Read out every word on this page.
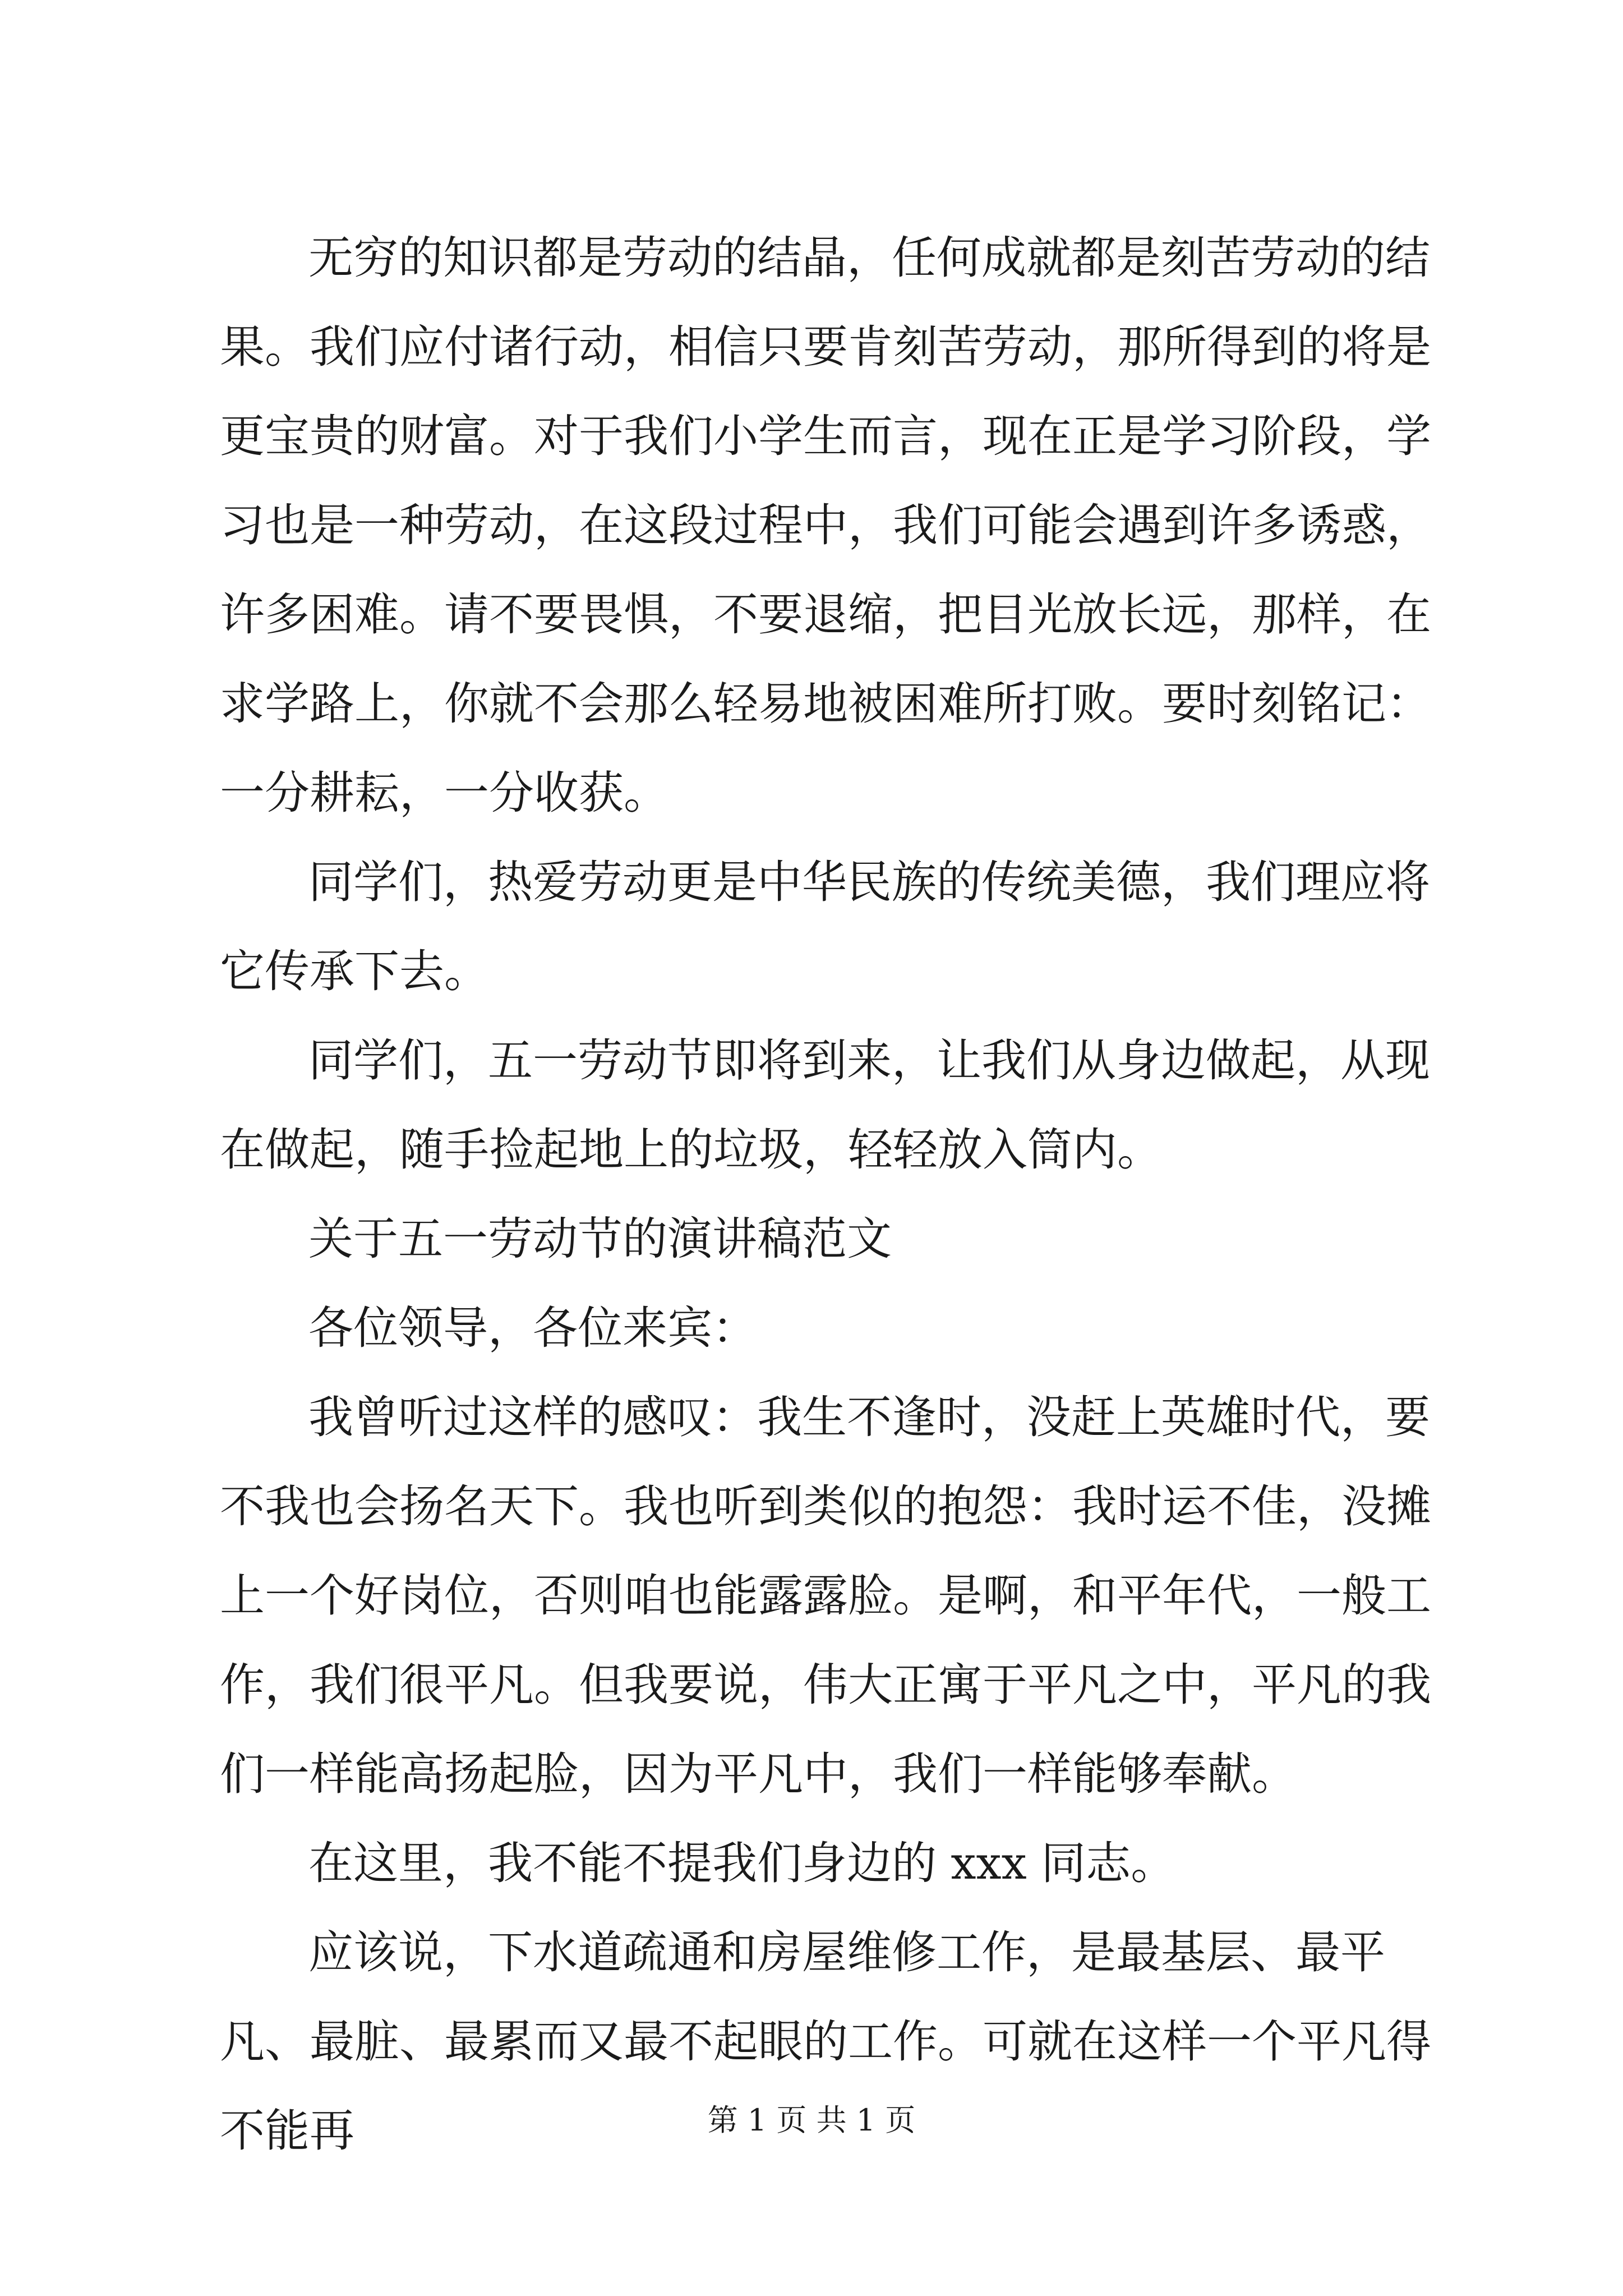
无穷的知识都是劳动的结晶，任何成就都是刻苦劳动的结果。我们应付诸行动，相信只要肯刻苦劳动，那所得到的将是更宝贵的财富。对于我们小学生而言，现在正是学习阶段，学习也是一种劳动，在这段过程中，我们可能会遇到许多诱惑，许多困难。请不要畏惧，不要退缩，把目光放长远，那样，在求学路上，你就不会那么轻易地被困难所打败。要时刻铭记：一分耕耘，一分收获。

同学们，热爱劳动更是中华民族的传统美德，我们理应将它传承下去。

同学们，五一劳动节即将到来，让我们从身边做起，从现在做起，随手捡起地上的垃圾，轻轻放入筒内。

关于五一劳动节的演讲稿范文

各位领导，各位来宾：

我曾听过这样的感叹：我生不逢时，没赶上英雄时代，要不我也会扬名天下。我也听到类似的抱怨：我时运不佳，没摊上一个好岗位，否则咱也能露露脸。是啊，和平年代，一般工作，我们很平凡。但我要说，伟大正寓于平凡之中，平凡的我们一样能高扬起脸，因为平凡中，我们一样能够奉献。

在这里，我不能不提我们身边的 xxx 同志。

应该说，下水道疏通和房屋维修工作，是最基层、最平凡、最脏、最累而又最不起眼的工作。可就在这样一个平凡得不能再	第 1 页 共 1 页
